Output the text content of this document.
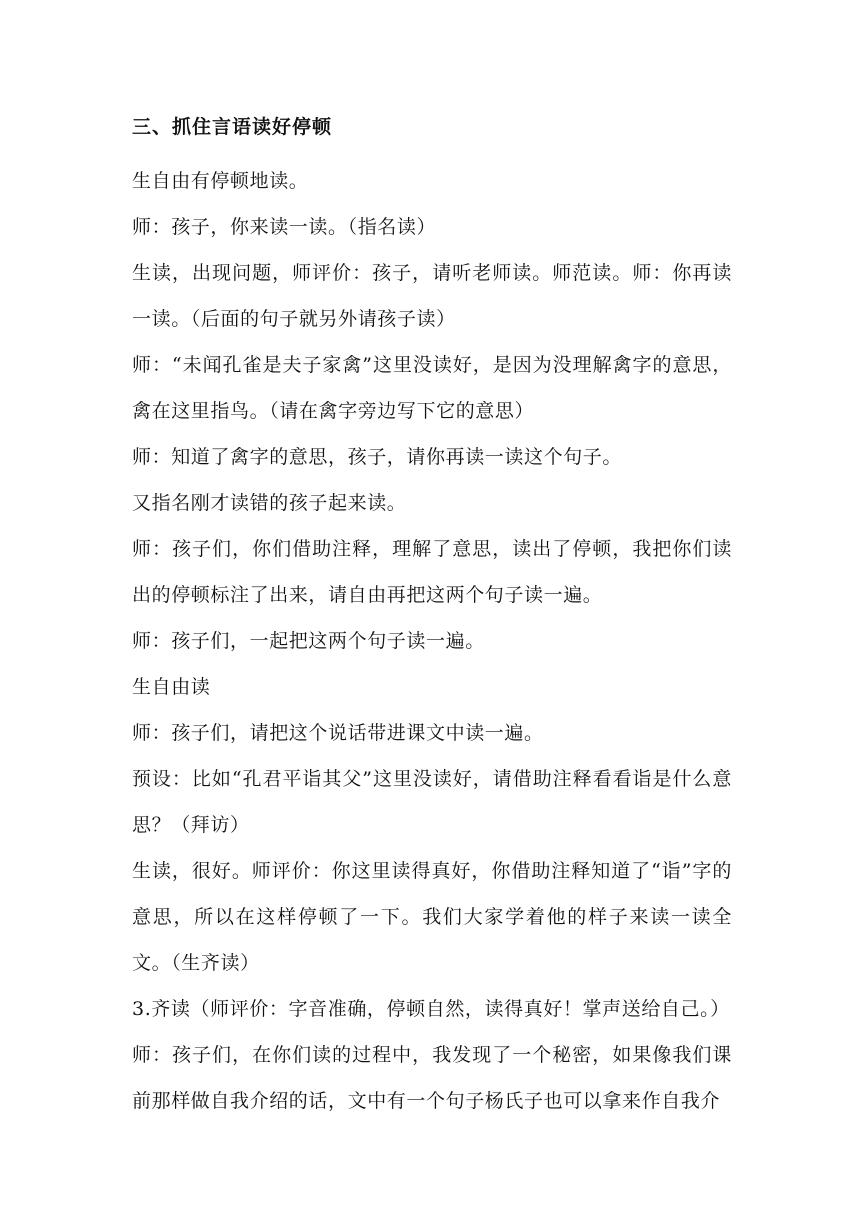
三、抓住言语读好停顿

生自由有停顿地读。

师：孩子，你来读一读。（指名读）

生读，出现问题，师评价：孩子，请听老师读。师范读。师：你再读一读。（后面的句子就另外请孩子读）

师：“未闻孔雀是夫子家禽”这里没读好，是因为没理解禽字的意思，禽在这里指鸟。（请在禽字旁边写下它的意思）

师：知道了禽字的意思，孩子，请你再读一读这个句子。

又指名刚才读错的孩子起来读。

师：孩子们，你们借助注释，理解了意思，读出了停顿，我把你们读出的停顿标注了出来，请自由再把这两个句子读一遍。

师：孩子们，一起把这两个句子读一遍。

生自由读

师：孩子们，请把这个说话带进课文中读一遍。

预设：比如“孔君平诣其父”这里没读好，请借助注释看看诣是什么意思？（拜访）

生读，很好。师评价：你这里读得真好，你借助注释知道了“诣”字的意思，所以在这样停顿了一下。我们大家学着他的样子来读一读全文。（生齐读）

3.齐读（师评价：字音准确，停顿自然，读得真好！掌声送给自己。）

师：孩子们，在你们读的过程中，我发现了一个秘密，如果像我们课前那样做自我介绍的话，文中有一个句子杨氏子也可以拿来作自我介
